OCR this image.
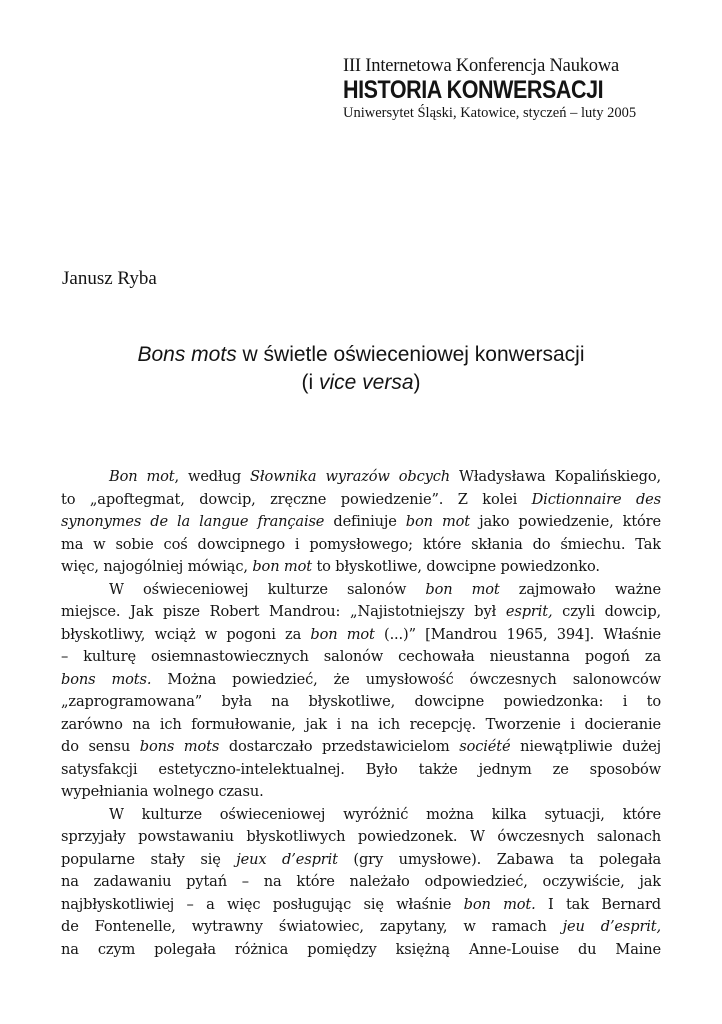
III Internetowa Konferencja Naukowa
HISTORIA KONWERSACJI
Uniwersytet Śląski, Katowice, styczeń – luty 2005
Janusz Ryba
Bons mots w świetle oświeceniowej konwersacji
(i vice versa)
Bon mot, według Słownika wyrazów obcych Władysława Kopalińskiego,
to „apoftegmat, dowcip, zręczne powiedzenie”. Z kolei Dictionnaire des
synonymes de la langue française definiuje bon mot jako powiedzenie, które
ma w sobie coś dowcipnego i pomysłowego; które skłania do śmiechu. Tak
więc, najogólniej mówiąc, bon mot to błyskotliwe, dowcipne powiedzonko.
W oświeceniowej kulturze salonów bon mot zajmowało ważne
miejsce. Jak pisze Robert Mandrou: „Najistotniejszy był esprit, czyli dowcip,
błyskotliwy, wciąż w pogoni za bon mot (...)” [Mandrou 1965, 394]. Właśnie
– kulturę osiemnastowiecznych salonów cechowała nieustanna pogoń za
bons mots. Można powiedzieć, że umysłowość ówczesnych salonowców
„zaprogramowana” była na błyskotliwe, dowcipne powiedzonka: i to
zarówno na ich formułowanie, jak i na ich recepcję. Tworzenie i docieranie
do sensu bons mots dostarczało przedstawicielom société niewątpliwie dużej
satysfakcji estetyczno-intelektualnej. Było także jednym ze sposobów
wypełniania wolnego czasu.
W kulturze oświeceniowej wyróżnić można kilka sytuacji, które
sprzyjały powstawaniu błyskotliwych powiedzonek. W ówczesnych salonach
popularne stały się jeux d’esprit (gry umysłowe). Zabawa ta polegała
na zadawaniu pytań – na które należało odpowiedzieć, oczywiście, jak
najbłyskotliwiej – a więc posługując się właśnie bon mot. I tak Bernard
de Fontenelle, wytrawny światowiec, zapytany, w ramach jeu d’esprit,
na czym polegała różnica pomiędzy księżną Anne-Louise du Maine
